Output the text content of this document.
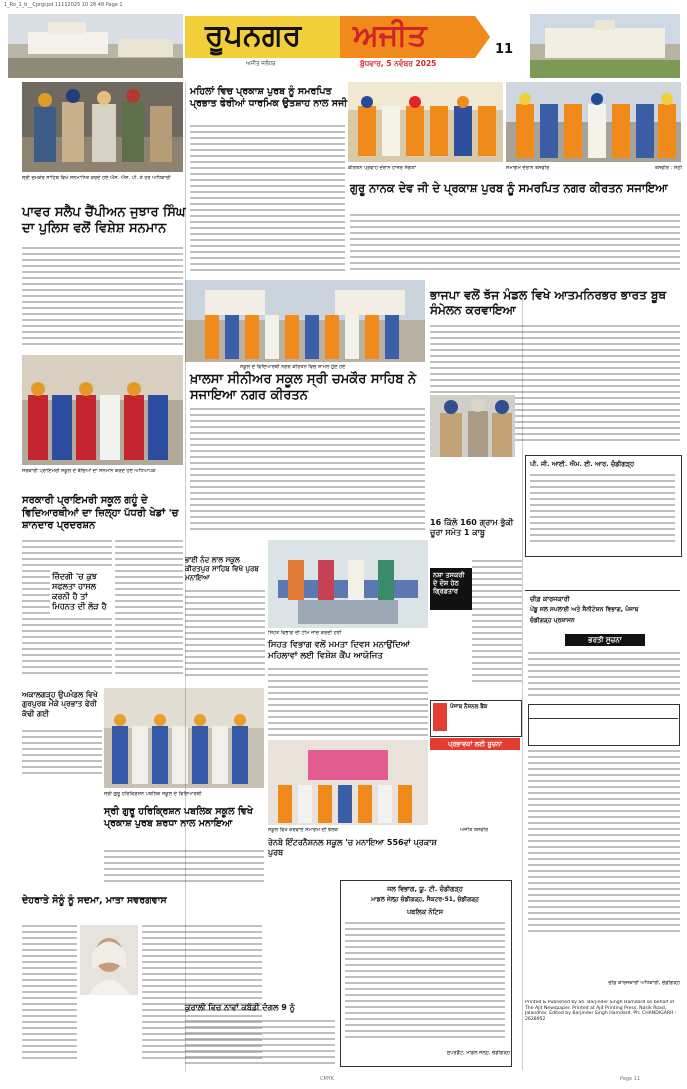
1_Ro_1_b__Cprgcpd 11112025 10 28 48 Page 1
ਰੂਪਨਗਰ ਅਜੀਤ	11
ਅਜੀਤ ਜਲੰਧਰ	ਬੁੱਧਵਾਰ, 5 ਨਵੰਬਰ 2025
ਸ੍ਰੀ ਚਮਕੌਰ ਸਾਹਿਬ ਵਿਖੇ ਸਨਮਾਨਿਤ ਕਰਦੇ ਹੋਏ ਐਸ. ਐਸ. ਪੀ. ਤੇ ਹੋਰ ਅਧਿਕਾਰੀ
ਪਾਵਰ ਸਲੈਪ ਚੈਂਪੀਅਨ ਜੁਝਾਰ ਸਿੰਘ ਦਾ ਪੁਲਿਸ ਵਲੋਂ ਵਿਸ਼ੇਸ਼ ਸਨਮਾਨ
ਸਰਕਾਰੀ ਪ੍ਰਾਇਮਰੀ ਸਕੂਲ ਦੇ ਬੱਚਿਆਂ ਦਾ ਸਨਮਾਨ ਕਰਦੇ ਹੋਏ ਅਧਿਆਪਕ
ਸਰਕਾਰੀ ਪ੍ਰਾਇਮਰੀ ਸਕੂਲ ਗਹੂੰ ਦੇ ਵਿਦਿਆਰਥੀਆਂ ਦਾ ਜ਼ਿਲ੍ਹਾ ਪੱਧਰੀ ਖੇਡਾਂ 'ਚ ਸ਼ਾਨਦਾਰ ਪ੍ਰਦਰਸ਼ਨ
ਜ਼ਿੰਦਗੀ 'ਚ ਕੁਝ ਸਫਲਤਾ ਹਾਸਲ ਕਰਨੀ ਹੈ ਤਾਂ ਮਿਹਨਤ ਦੀ ਲੋੜ ਹੈ
ਅਕਾਲਗੜ੍ਹ ਉਪਮੰਡਲ ਵਿਖੇ ਗੁਰਪੁਰਬ ਮੌਕੇ ਪ੍ਰਭਾਤ ਫੇਰੀ ਕੱਢੀ ਗਈ
ਸ੍ਰੀ ਗੁਰੂ ਹਰਿਕ੍ਰਿਸ਼ਨ ਪਬਲਿਕ ਸਕੂਲ ਦੇ ਵਿਦਿਆਰਥੀ
ਸ੍ਰੀ ਗੁਰੂ ਹਰਿਕ੍ਰਿਸ਼ਨ ਪਬਲਿਕ ਸਕੂਲ ਵਿਖੇ ਪ੍ਰਕਾਸ਼ ਪੁਰਬ ਸ਼ਰਧਾ ਨਾਲ ਮਨਾਇਆ
ਦੇਹਰਾਤੇ ਸੋਨੂੰ ਨੂੰ ਸਦਮਾ, ਮਾਤਾ ਸਵਰਗਵਾਸ
ਮਹਿਲਾਂ ਵਿਚ ਪ੍ਰਕਾਸ਼ ਪੁਰਬ ਨੂੰ ਸਮਰਪਿਤ ਪ੍ਰਭਾਤ ਫੇਰੀਆਂ ਧਾਰਮਿਕ ਉਤਸ਼ਾਹ ਨਾਲ ਸਜੀ
ਕੀਰਤਨ ਪ੍ਰਵਾਹ ਦੌਰਾਨ ਹਾਜ਼ਰ ਸੰਗਤਾਂ	ਸਮਾਗਮ ਦੌਰਾਨ ਤਸਵੀਰ	ਤਸਵੀਰ : ਸੇਠੀ
ਗੁਰੂ ਨਾਨਕ ਦੇਵ ਜੀ ਦੇ ਪ੍ਰਕਾਸ਼ ਪੁਰਬ ਨੂੰ ਸਮਰਪਿਤ ਨਗਰ ਕੀਰਤਨ ਸਜਾਇਆ
ਸਕੂਲ ਦੇ ਵਿਦਿਆਰਥੀ ਨਗਰ ਕੀਰਤਨ ਵਿਚ ਸ਼ਾਮਲ ਹੁੰਦੇ ਹੋਏ
ਖ਼ਾਲਸਾ ਸੀਨੀਅਰ ਸਕੂਲ ਸ੍ਰੀ ਚਮਕੌਰ ਸਾਹਿਬ ਨੇ ਸਜਾਇਆ ਨਗਰ ਕੀਰਤਨ
ਭਾਜਪਾ ਵਲੋਂ ਝੱਜ ਮੰਡਲ ਵਿਖੇ ਆਤਮਨਿਰਭਰ ਭਾਰਤ ਬੂਥ ਸੰਮੇਲਨ ਕਰਵਾਇਆ
16 ਕਿੱਲੋ 160 ਗ੍ਰਾਮ ਭੁੱਕੀ ਚੂਰਾ ਸਮੇਤ 1 ਕਾਬੂ
ਨਸ਼ਾ ਤਸਕਰੀ ਦੇ ਦੋਸ਼ ਹੇਠ ਗ੍ਰਿਫ਼ਤਾਰ
ਪੀ. ਜੀ. ਆਈ. ਐਮ. ਈ. ਆਰ. ਚੰਡੀਗੜ੍ਹ
ਭਾਈ ਨੰਦ ਲਾਲ ਸਕੂਲ ਕੀਰਤਪੁਰ ਸਾਹਿਬ ਵਿਖੇ ਪੁਰਬ ਮਨਾਇਆ
ਸਿਹਤ ਵਿਭਾਗ ਦੀ ਟੀਮ ਜਾਂਚ ਕਰਦੀ ਹੋਈ
ਸਿਹਤ ਵਿਭਾਗ ਵਲੋਂ ਮਮਤਾ ਦਿਵਸ ਮਨਾਉਂਦਿਆਂ ਮਹਿਲਾਵਾਂ ਲਈ ਵਿਸ਼ੇਸ਼ ਕੈਂਪ ਆਯੋਜਿਤ
ਸਕੂਲ ਵਿਖੇ ਕਰਵਾਏ ਸਮਾਗਮ ਦੀ ਝਲਕ
ਰੇਨਬੋ ਇੰਟਰਨੈਸ਼ਨਲ ਸਕੂਲ 'ਚ ਮਨਾਇਆ 556ਵਾਂ ਪ੍ਰਕਾਸ਼ ਪੁਰਬ
ਅਜੀਤ ਤਸਵੀਰ
ਕੁਰਾਲੀ ਵਿਚ ਨਾਵਾਂ ਕਬੱਡੀ ਦੰਗਲ 9 ਨੂੰ
ਜਲ ਵਿਭਾਗ, ਯੂ. ਟੀ. ਚੰਡੀਗੜ੍ਹ
ਮਾਡਲ ਜੇਲ੍ਹ ਚੰਡੀਗੜ੍ਹ, ਸੈਕਟਰ-51, ਚੰਡੀਗੜ੍ਹ
ਪਬਲਿਕ ਨੋਟਿਸ
ਸੁਪਰਡੈਂਟ, ਮਾਡਲ ਜੇਲ੍ਹ, ਚੰਡੀਗੜ੍ਹ
ਪੰਜਾਬ ਨੈਸ਼ਨਲ ਬੈਂਕ
ਪ੍ਰਭਾਵਕਾਂ ਲਈ ਸੂਚਨਾ
ਚੀਫ਼ ਕਾਰਜਕਾਰੀ
ਪੇਂਡੂ ਜਲ ਸਪਲਾਈ ਅਤੇ ਸੈਨੀਟੇਸ਼ਨ ਵਿਭਾਗ, ਪੰਜਾਬ
ਚੰਡੀਗੜ੍ਹ ਪ੍ਰਸ਼ਾਸਨ
ਭਰਤੀ ਸੂਚਨਾ
ਚੀਫ਼ ਕਾਰਜਕਾਰੀ ਅਧਿਕਾਰੀ, ਚੰਡੀਗੜ੍ਹ
Printed & Published by Sh. Barjinder Singh Hamdard on behalf of The Ajit Newspaper. Printed at Ajit Printing Press, Nasik Road, Jalandhar. Edited by Barjinder Singh Hamdard. Ph: CHANDIGARH : 2628952
CMYK	Page 11
